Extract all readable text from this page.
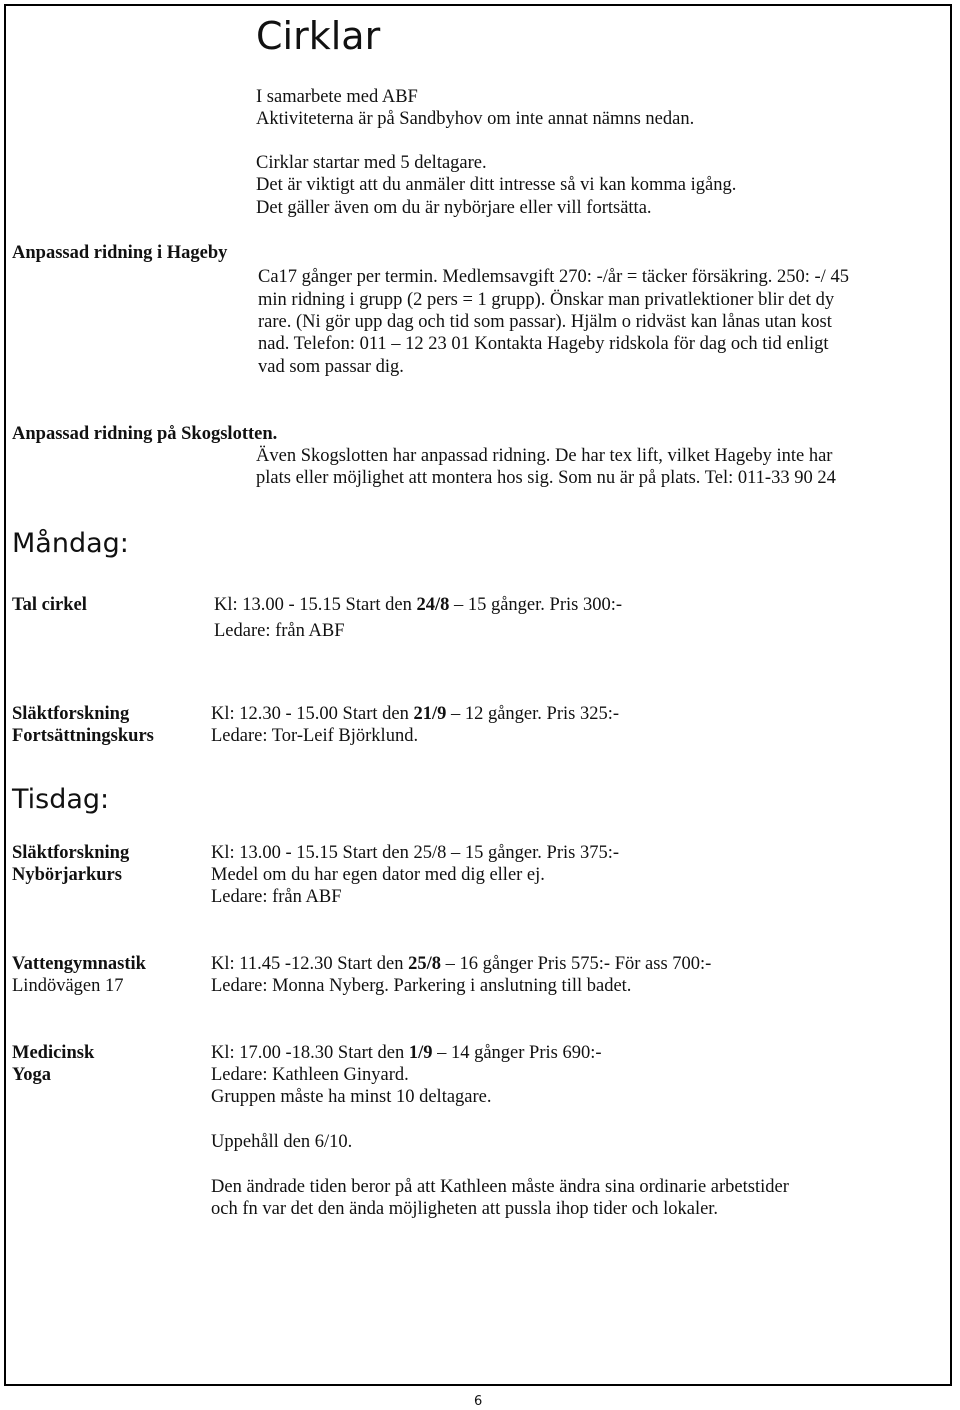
Cirklar
I samarbete med ABF
Aktiviteterna är på Sandbyhov om inte annat nämns nedan.
Cirklar startar med 5 deltagare.
Det är viktigt att du anmäler ditt intresse så vi kan komma igång.
Det gäller även om du är nybörjare eller vill fortsätta.
Anpassad ridning i Hageby
Ca17 gånger per termin. Medlemsavgift 270: -/år = täcker försäkring. 250: -/ 45
min ridning i grupp (2 pers = 1 grupp). Önskar man privatlektioner blir det dy
rare. (Ni gör upp dag och tid som passar). Hjälm o ridväst kan lånas utan kost
nad. Telefon: 011 – 12 23 01 Kontakta Hageby ridskola för dag och tid enligt
vad som passar dig.
Anpassad ridning på Skogslotten.
Även Skogslotten har anpassad ridning. De har tex lift, vilket Hageby inte har
plats eller möjlighet att montera hos sig. Som nu är på plats. Tel: 011-33 90 24
Måndag:
Tal cirkel	Kl: 13.00 - 15.15 Start den 24/8 – 15 gånger. Pris 300:-
Ledare: från ABF
Släktforskning
Fortsättningskurs
Kl: 12.30 - 15.00 Start den 21/9 – 12 gånger. Pris 325:-
Ledare: Tor-Leif Björklund.
Tisdag:
Släktforskning
Nybörjarkurs
Kl: 13.00 - 15.15 Start den 25/8 – 15 gånger. Pris 375:-
Medel om du har egen dator med dig eller ej.
Ledare: från ABF
Vattengymnastik
Lindövägen 17
Kl: 11.45 -12.30 Start den 25/8 – 16 gånger Pris 575:- För ass 700:-
Ledare: Monna Nyberg. Parkering i anslutning till badet.
Medicinsk
Yoga
Kl: 17.00 -18.30 Start den 1/9 – 14 gånger Pris 690:-
Ledare: Kathleen Ginyard.
Gruppen måste ha minst 10 deltagare.
Uppehåll den 6/10.
Den ändrade tiden beror på att Kathleen måste ändra sina ordinarie arbetstider
och fn var det den ända möjligheten att pussla ihop tider och lokaler.
6
